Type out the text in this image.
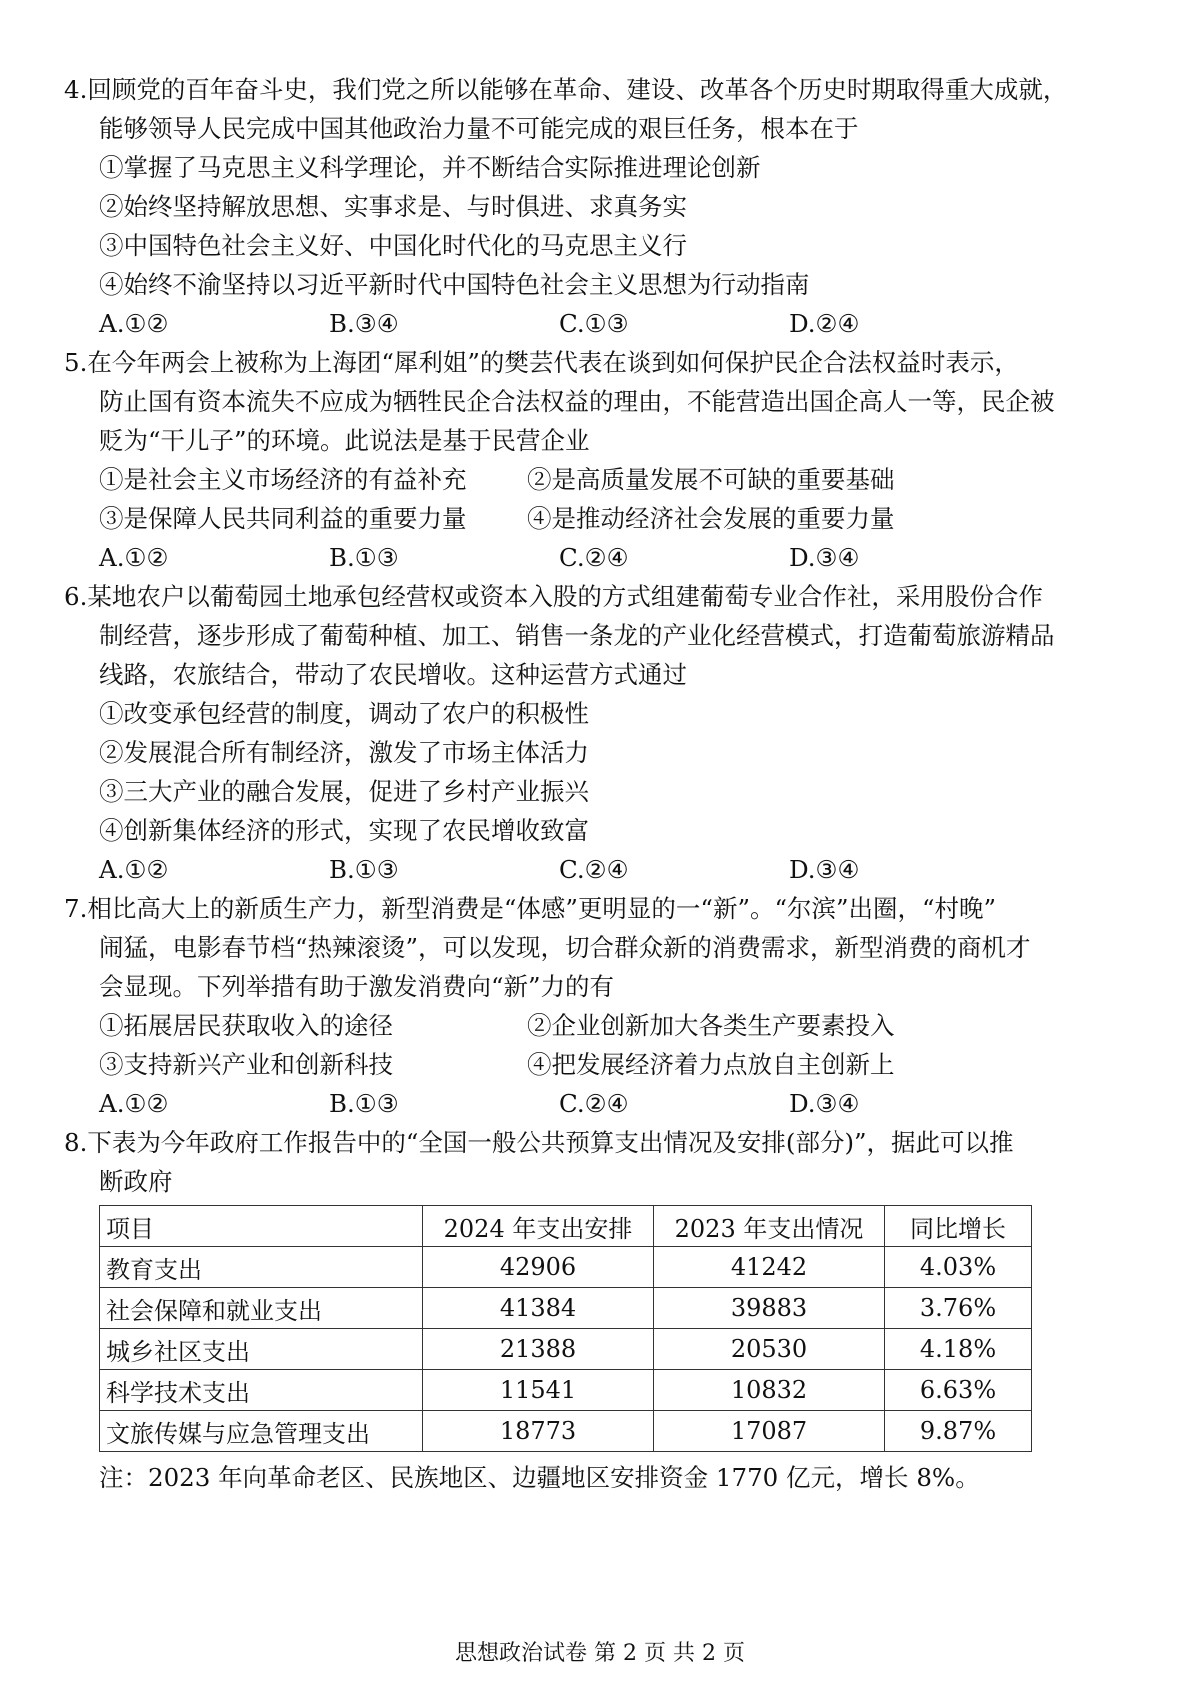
4.回顾党的百年奋斗史，我们党之所以能够在革命、建设、改革各个历史时期取得重大成就，
能够领导人民完成中国其他政治力量不可能完成的艰巨任务，根本在于
①掌握了马克思主义科学理论，并不断结合实际推进理论创新
②始终坚持解放思想、实事求是、与时俱进、求真务实
③中国特色社会主义好、中国化时代化的马克思主义行
④始终不渝坚持以习近平新时代中国特色社会主义思想为行动指南
A.①②	B.③④	C.①③	D.②④
5.在今年两会上被称为上海团“犀利姐”的樊芸代表在谈到如何保护民企合法权益时表示，
防止国有资本流失不应成为牺牲民企合法权益的理由，不能营造出国企高人一等，民企被
贬为“干儿子”的环境。此说法是基于民营企业
①是社会主义市场经济的有益补充	②是高质量发展不可缺的重要基础
③是保障人民共同利益的重要力量	④是推动经济社会发展的重要力量
A.①②	B.①③	C.②④	D.③④
6.某地农户以葡萄园土地承包经营权或资本入股的方式组建葡萄专业合作社，采用股份合作
制经营，逐步形成了葡萄种植、加工、销售一条龙的产业化经营模式，打造葡萄旅游精品
线路，农旅结合，带动了农民增收。这种运营方式通过
①改变承包经营的制度，调动了农户的积极性
②发展混合所有制经济，激发了市场主体活力
③三大产业的融合发展，促进了乡村产业振兴
④创新集体经济的形式，实现了农民增收致富
A.①②	B.①③	C.②④	D.③④
7.相比高大上的新质生产力，新型消费是“体感”更明显的一“新”。“尔滨”出圈，“村晚”
闹猛，电影春节档“热辣滚烫”，可以发现，切合群众新的消费需求，新型消费的商机才
会显现。下列举措有助于激发消费向“新”力的有
①拓展居民获取收入的途径	②企业创新加大各类生产要素投入
③支持新兴产业和创新科技	④把发展经济着力点放自主创新上
A.①②	B.①③	C.②④	D.③④
8.下表为今年政府工作报告中的“全国一般公共预算支出情况及安排(部分)”，据此可以推
断政府
项目	2024 年支出安排	2023 年支出情况	同比增长
教育支出	42906	41242	4.03%
社会保障和就业支出	41384	39883	3.76%
城乡社区支出	21388	20530	4.18%
科学技术支出	11541	10832	6.63%
文旅传媒与应急管理支出	18773	17087	9.87%
注：2023 年向革命老区、民族地区、边疆地区安排资金 1770 亿元，增长 8%。
思想政治试卷 第 2 页 共 2 页
